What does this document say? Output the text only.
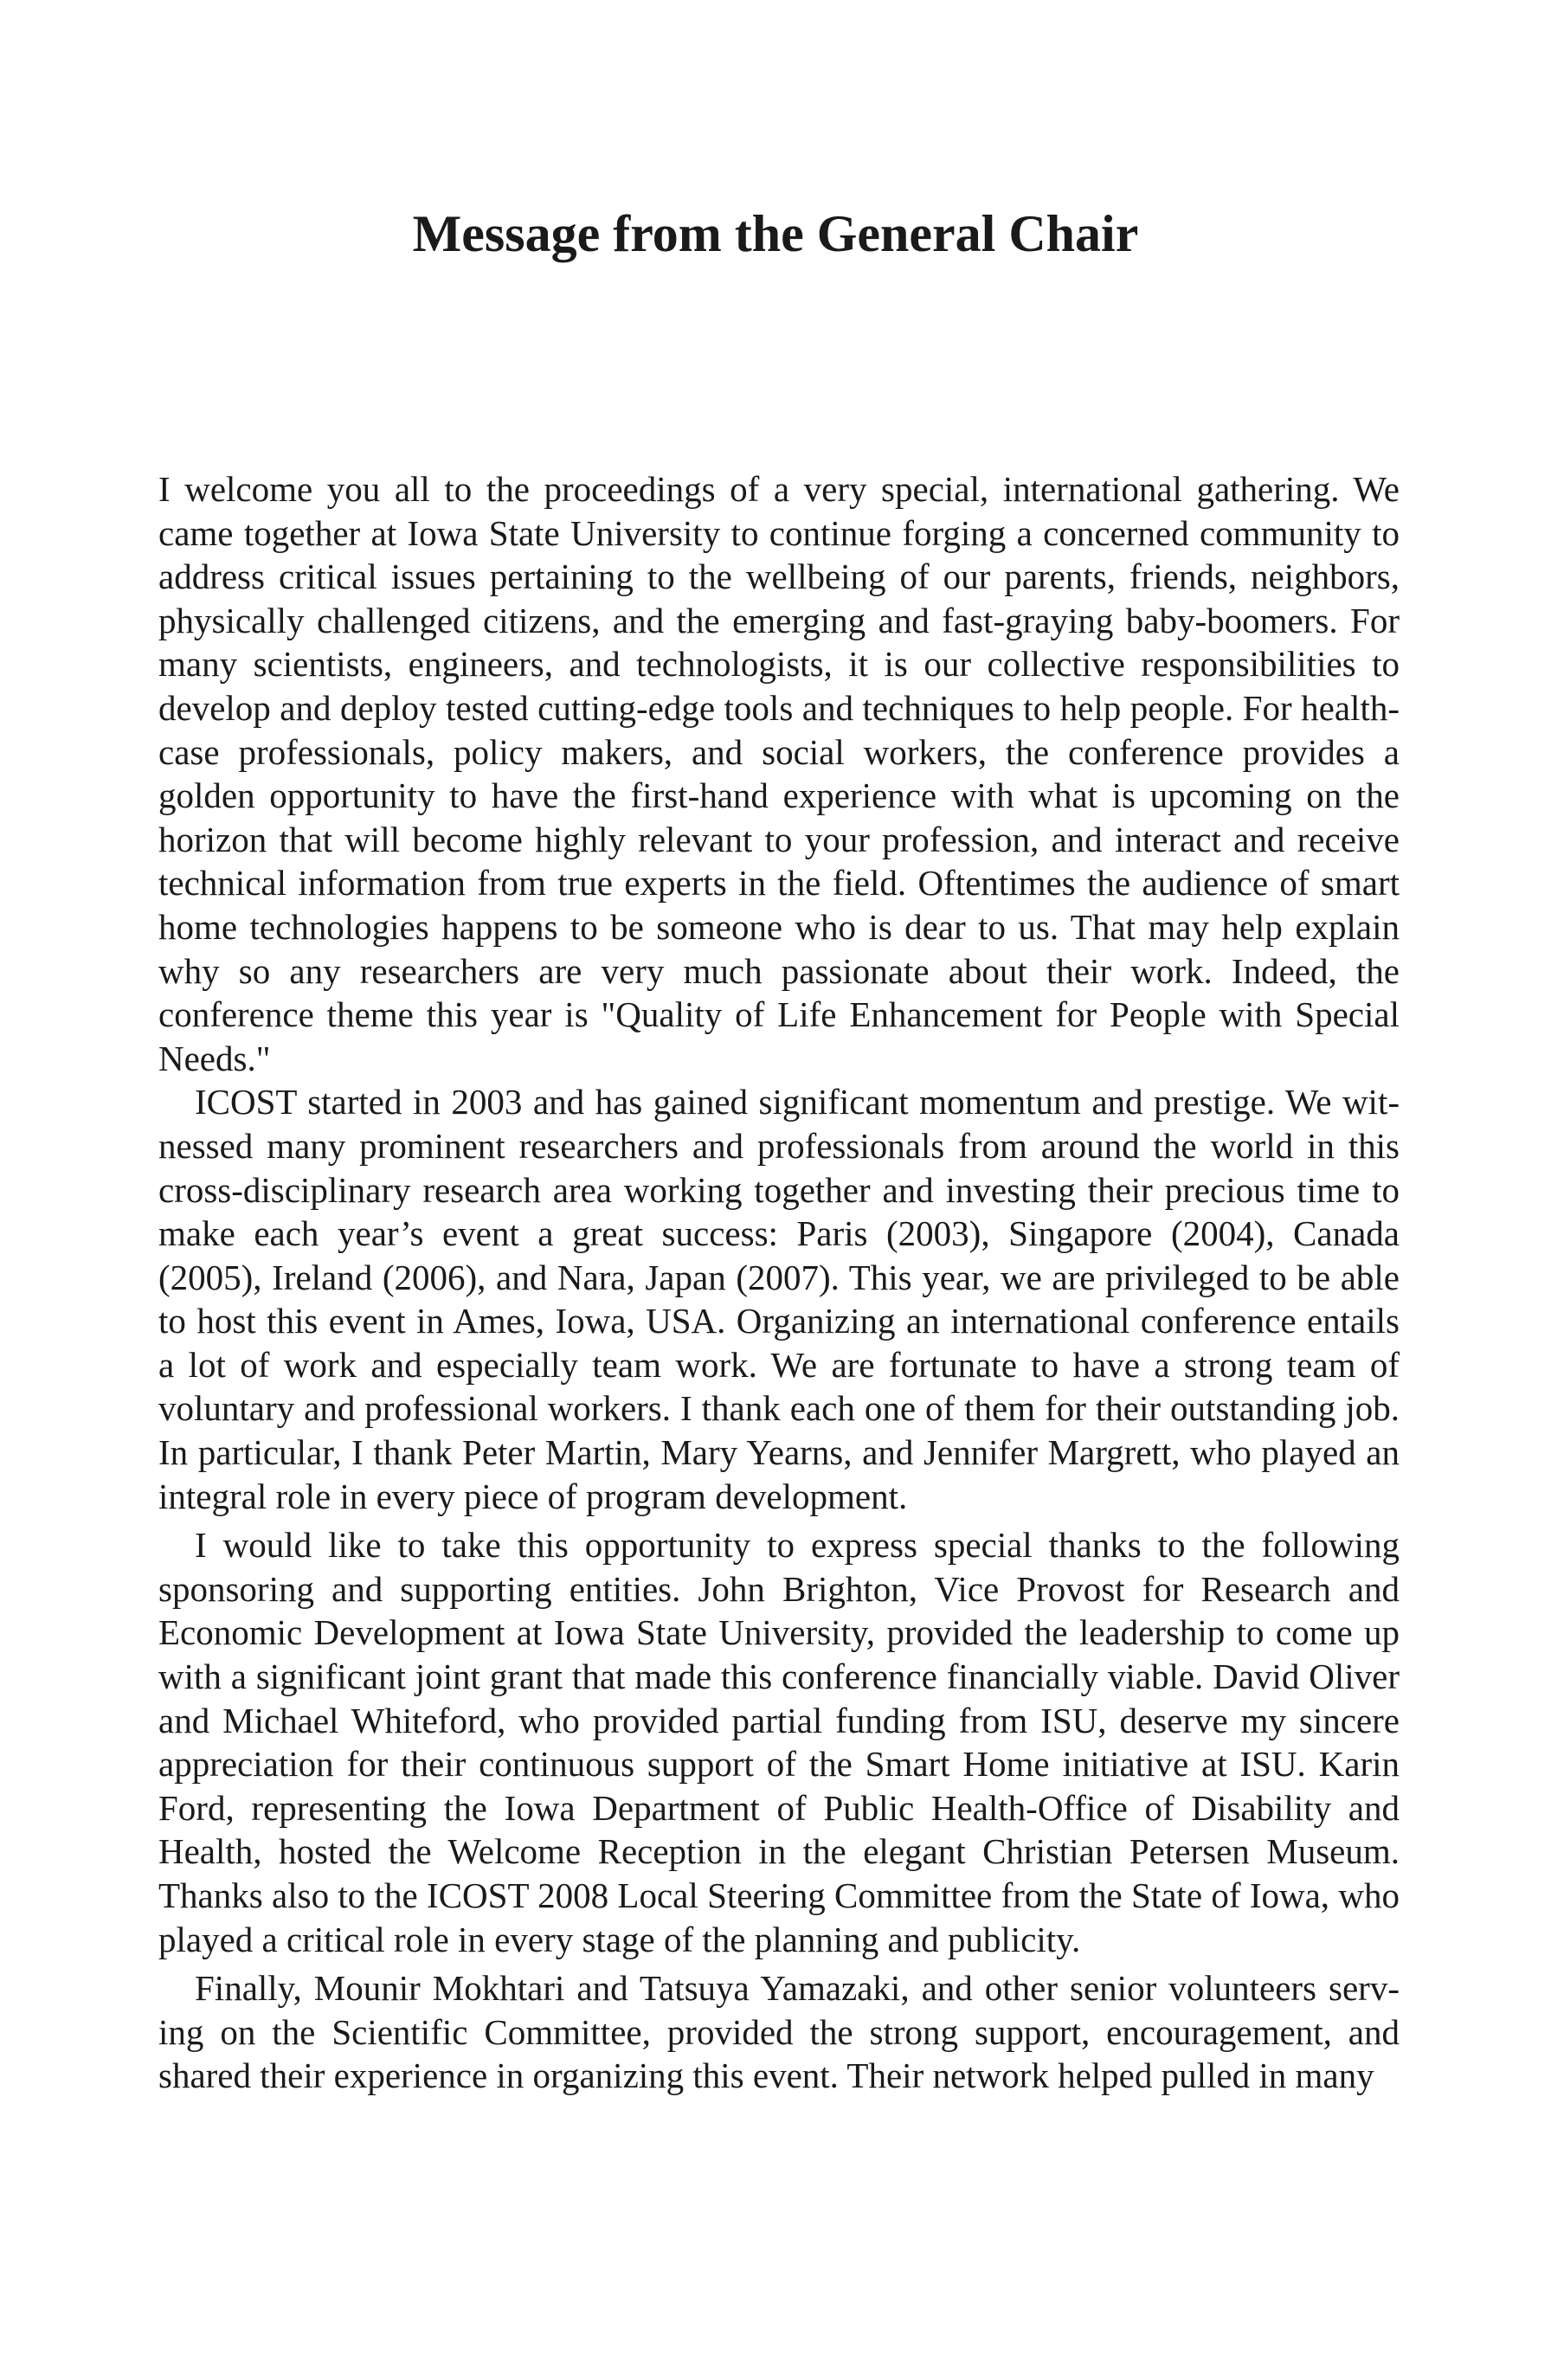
Message from the General Chair

I welcome you all to the proceedings of a very special, international gathering. We came together at Iowa State University to continue forging a concerned community to address critical issues pertaining to the wellbeing of our parents, friends, neighbors, physically challenged citizens, and the emerging and fast-graying baby-boomers. For many scientists, engineers, and technologists, it is our collective responsibilities to develop and deploy tested cutting-edge tools and techniques to help people. For health-case professionals, policy makers, and social workers, the conference provides a golden opportunity to have the first-hand experience with what is upcoming on the horizon that will become highly relevant to your profession, and interact and receive technical information from true experts in the field. Oftentimes the audience of smart home technologies happens to be someone who is dear to us. That may help explain why so any researchers are very much passionate about their work. Indeed, the conference theme this year is "Quality of Life Enhancement for People with Special Needs."

ICOST started in 2003 and has gained significant momentum and prestige. We witnessed many prominent researchers and professionals from around the world in this cross-disciplinary research area working together and investing their precious time to make each year’s event a great success: Paris (2003), Singapore (2004), Canada (2005), Ireland (2006), and Nara, Japan (2007). This year, we are privileged to be able to host this event in Ames, Iowa, USA. Organizing an international conference entails a lot of work and especially team work. We are fortunate to have a strong team of voluntary and professional workers. I thank each one of them for their outstanding job. In particular, I thank Peter Martin, Mary Yearns, and Jennifer Margrett, who played an integral role in every piece of program development.

I would like to take this opportunity to express special thanks to the following sponsoring and supporting entities. John Brighton, Vice Provost for Research and Economic Development at Iowa State University, provided the leadership to come up with a significant joint grant that made this conference financially viable. David Oliver and Michael Whiteford, who provided partial funding from ISU, deserve my sincere appreciation for their continuous support of the Smart Home initiative at ISU. Karin Ford, representing the Iowa Department of Public Health-Office of Disability and Health, hosted the Welcome Reception in the elegant Christian Petersen Museum. Thanks also to the ICOST 2008 Local Steering Committee from the State of Iowa, who played a critical role in every stage of the planning and publicity.

Finally, Mounir Mokhtari and Tatsuya Yamazaki, and other senior volunteers serving on the Scientific Committee, provided the strong support, encouragement, and shared their experience in organizing this event. Their network helped pulled in many
